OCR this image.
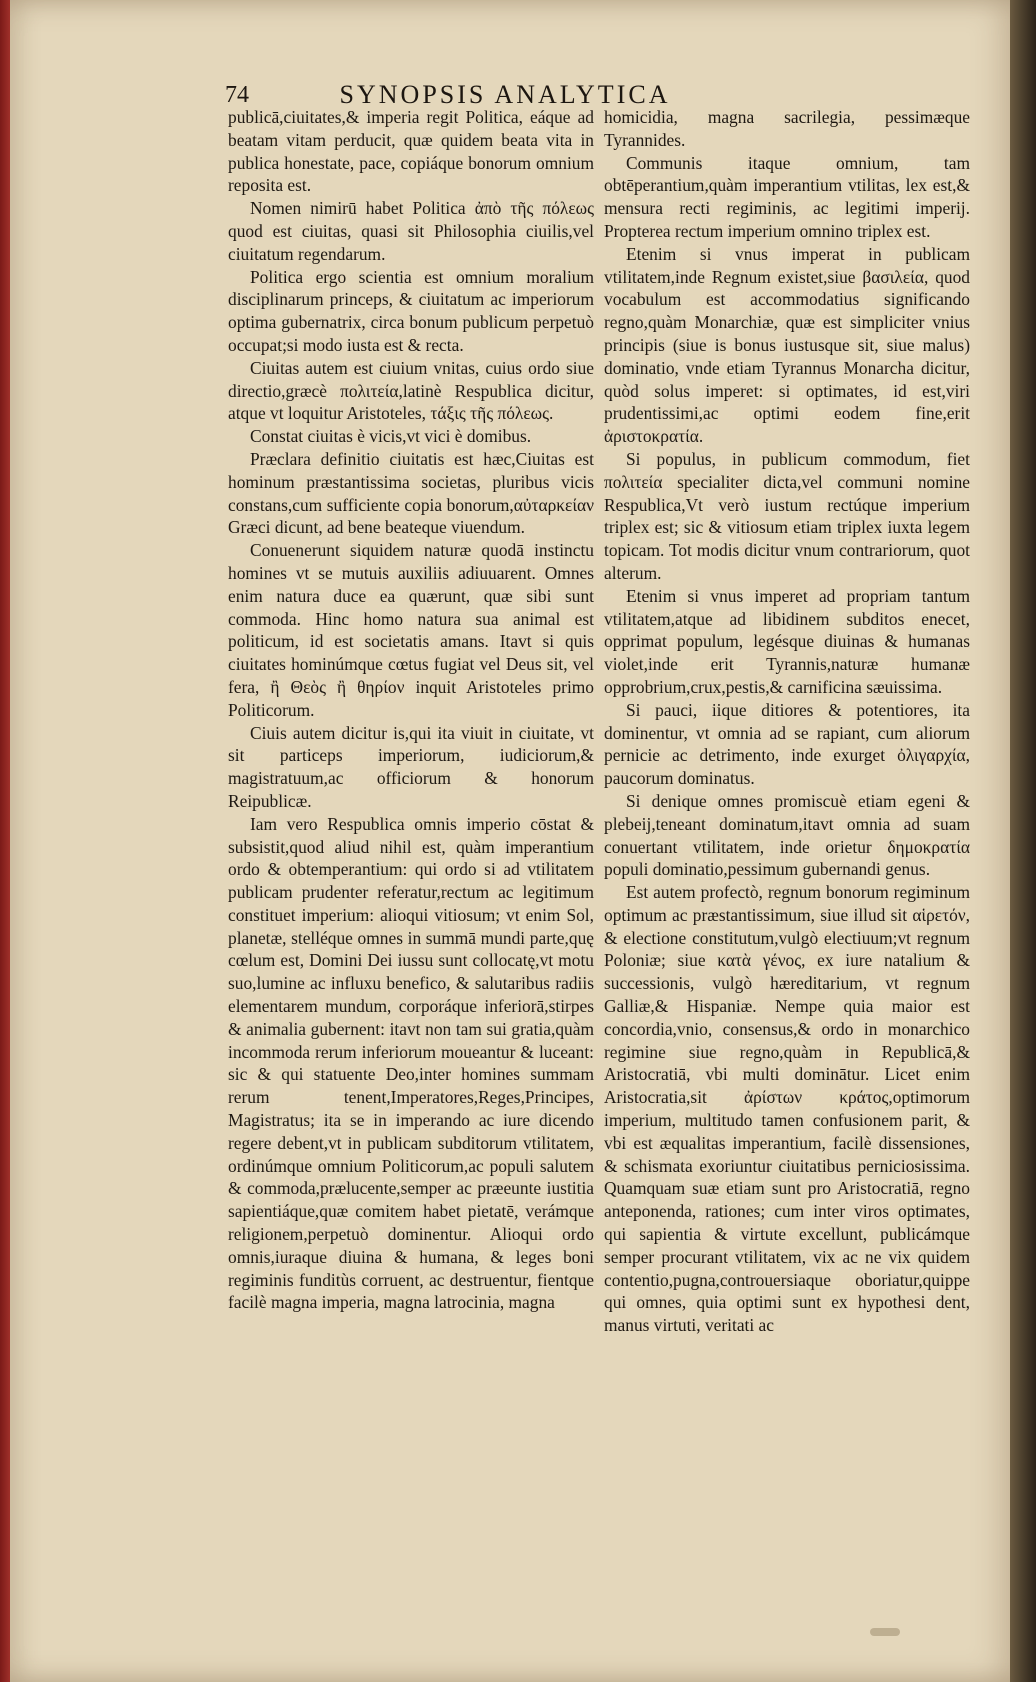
74	SYNOPSIS ANALYTICA

publicā,ciuitates,& imperia regit Politica, eáque ad beatam vitam perducit, quæ quidem beata vita in publica honestate, pace, copiáque bonorum omnium reposita est.

Nomen nimirū habet Politica ἀπὸ τῆς πόλεως quod est ciuitas, quasi sit Philosophia ciuilis,vel ciuitatum regendarum.

Politica ergo scientia est omnium moralium disciplinarum princeps, & ciuitatum ac imperiorum optima gubernatrix, circa bonum publicum perpetuò occupat;si modo iusta est & recta.

Ciuitas autem est ciuium vnitas, cuius ordo siue directio,græcè πολιτεία,latinè Respublica dicitur, atque vt loquitur Aristoteles, τάξις τῆς πόλεως.

Constat ciuitas è vicis,vt vici è domibus.

Præclara definitio ciuitatis est hæc,Ciuitas est hominum præstantissima societas, pluribus vicis constans,cum sufficiente copia bonorum,αὐταρκείαν Græci dicunt, ad bene beateque viuendum.

Conuenerunt siquidem naturæ quodā instinctu homines vt se mutuis auxiliis adiuuarent. Omnes enim natura duce ea quærunt, quæ sibi sunt commoda. Hinc homo natura sua animal est politicum, id est societatis amans. Itavt si quis ciuitates hominúmque cœtus fugiat vel Deus sit, vel fera, ἢ Θεὸς ἢ θηρίον inquit Aristoteles primo Politicorum.

Ciuis autem dicitur is,qui ita viuit in ciuitate, vt sit particeps imperiorum, iudiciorum,& magistratuum,ac officiorum & honorum Reipublicæ.

Iam vero Respublica omnis imperio cōstat & subsistit,quod aliud nihil est, quàm imperantium ordo & obtemperantium: qui ordo si ad vtilitatem publicam prudenter referatur,rectum ac legitimum constituet imperium: alioqui vitiosum; vt enim Sol, planetæ, stelléque omnes in summā mundi parte,quę cœlum est, Domini Dei iussu sunt collocatę,vt motu suo,lumine ac influxu benefico, & salutaribus radiis elementarem mundum, corporáque inferiorā,stirpes & animalia gubernent: itavt non tam sui gratia,quàm incommoda rerum inferiorum moueantur & luceant: sic & qui statuente Deo,inter homines summam rerum tenent,Imperatores,Reges,Principes, Magistratus; ita se in imperando ac iure dicendo regere debent,vt in publicam subditorum vtilitatem, ordinúmque omnium Politicorum,ac populi salutem & commoda,prælucente,semper ac præeunte iustitia sapientiáque,quæ comitem habet pietatē, verámque religionem,perpetuò dominentur. Alioqui ordo omnis,iuraque diuina & humana, & leges boni regiminis funditùs corruent, ac destruentur, fientque facilè magna imperia, magna latrocinia, magna

homicidia, magna sacrilegia, pessimæque Tyrannides.

Communis itaque omnium, tam obtēperantium,quàm imperantium vtilitas, lex est,& mensura recti regiminis, ac legitimi imperij. Propterea rectum imperium omnino triplex est.

Etenim si vnus imperat in publicam vtilitatem,inde Regnum existet,siue βασιλεία, quod vocabulum est accommodatius significando regno,quàm Monarchiæ, quæ est simpliciter vnius principis (siue is bonus iustusque sit, siue malus) dominatio, vnde etiam Tyrannus Monarcha dicitur, quòd solus imperet: si optimates, id est,viri prudentissimi,ac optimi eodem fine,erit ἀριστοκρατία.

Si populus, in publicum commodum, fiet πολιτεία specialiter dicta,vel communi nomine Respublica,Vt verò iustum rectúque imperium triplex est; sic & vitiosum etiam triplex iuxta legem topicam. Tot modis dicitur vnum contrariorum, quot alterum.

Etenim si vnus imperet ad propriam tantum vtilitatem,atque ad libidinem subditos enecet, opprimat populum, legésque diuinas & humanas violet,inde erit Tyrannis,naturæ humanæ opprobrium,crux,pestis,& carnificina sæuissima.

Si pauci, iique ditiores & potentiores, ita dominentur, vt omnia ad se rapiant, cum aliorum pernicie ac detrimento, inde exurget ὀλιγαρχία, paucorum dominatus.

Si denique omnes promiscuè etiam egeni & plebeij,teneant dominatum,itavt omnia ad suam conuertant vtilitatem, inde orietur δημοκρατία populi dominatio,pessimum gubernandi genus.

Est autem profectò, regnum bonorum regiminum optimum ac præstantissimum, siue illud sit αἱρετόν, & electione constitutum,vulgò electiuum;vt regnum Poloniæ; siue κατὰ γένος, ex iure natalium & successionis, vulgò hæreditarium, vt regnum Galliæ,& Hispaniæ. Nempe quia maior est concordia,vnio, consensus,& ordo in monarchico regimine siue regno,quàm in Republicā,& Aristocratiā, vbi multi dominātur. Licet enim Aristocratia,sit ἀρίστων κράτος,optimorum imperium, multitudo tamen confusionem parit, & vbi est æqualitas imperantium, facilè dissensiones, & schismata exoriuntur ciuitatibus perniciosissima. Quamquam suæ etiam sunt pro Aristocratiā, regno anteponenda, rationes; cum inter viros optimates, qui sapientia & virtute excellunt, publicámque semper procurant vtilitatem, vix ac ne vix quidem contentio,pugna,controuersiaque oboriatur,quippe qui omnes, quia optimi sunt ex hypothesi dent, manus virtuti, veritati ac
